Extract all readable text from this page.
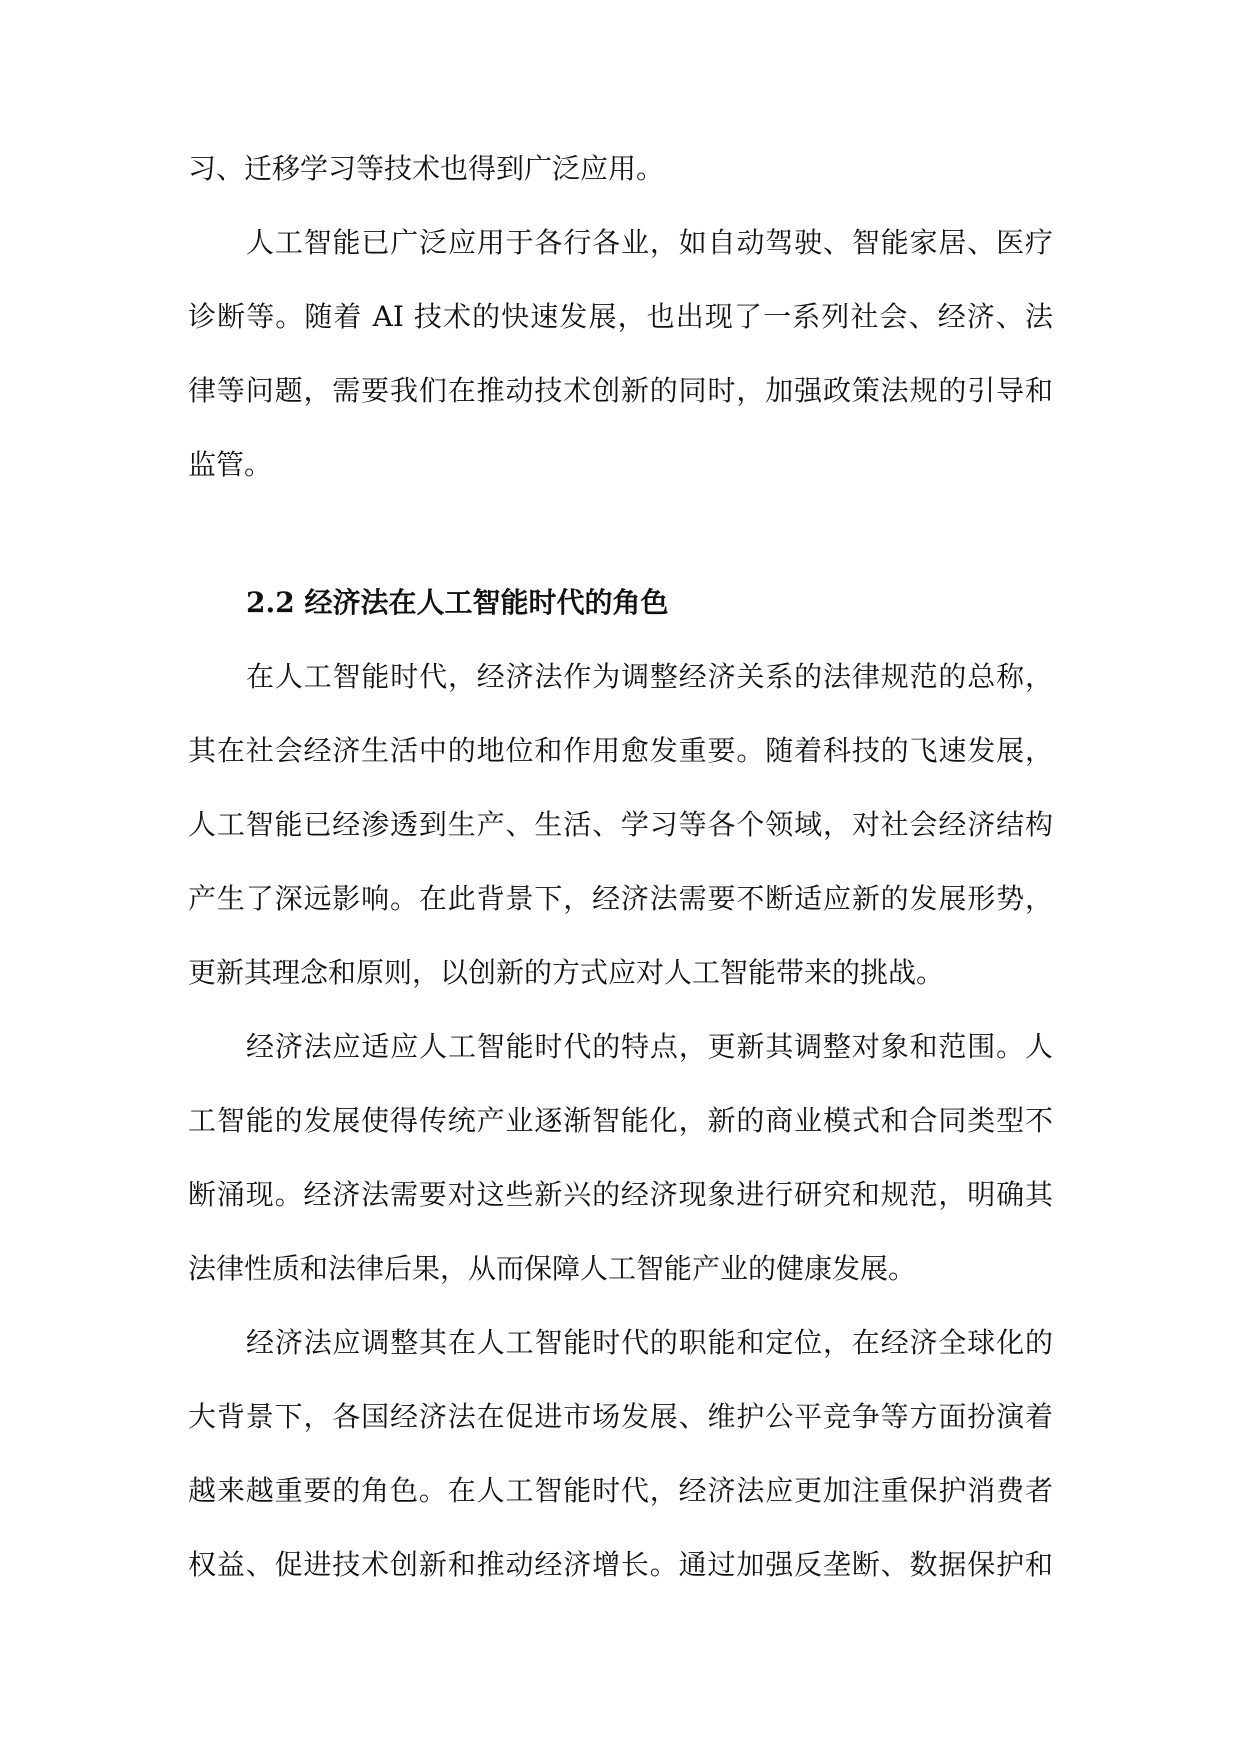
习、迁移学习等技术也得到广泛应用。
人工智能已广泛应用于各行各业，如自动驾驶、智能家居、医疗
诊断等。随着 AI 技术的快速发展，也出现了一系列社会、经济、法
律等问题，需要我们在推动技术创新的同时，加强政策法规的引导和
监管。
2.2 经济法在人工智能时代的角色
在人工智能时代，经济法作为调整经济关系的法律规范的总称，
其在社会经济生活中的地位和作用愈发重要。随着科技的飞速发展，
人工智能已经渗透到生产、生活、学习等各个领域，对社会经济结构
产生了深远影响。在此背景下，经济法需要不断适应新的发展形势，
更新其理念和原则，以创新的方式应对人工智能带来的挑战。
经济法应适应人工智能时代的特点，更新其调整对象和范围。人
工智能的发展使得传统产业逐渐智能化，新的商业模式和合同类型不
断涌现。经济法需要对这些新兴的经济现象进行研究和规范，明确其
法律性质和法律后果，从而保障人工智能产业的健康发展。
经济法应调整其在人工智能时代的职能和定位，在经济全球化的
大背景下，各国经济法在促进市场发展、维护公平竞争等方面扮演着
越来越重要的角色。在人工智能时代，经济法应更加注重保护消费者
权益、促进技术创新和推动经济增长。通过加强反垄断、数据保护和
